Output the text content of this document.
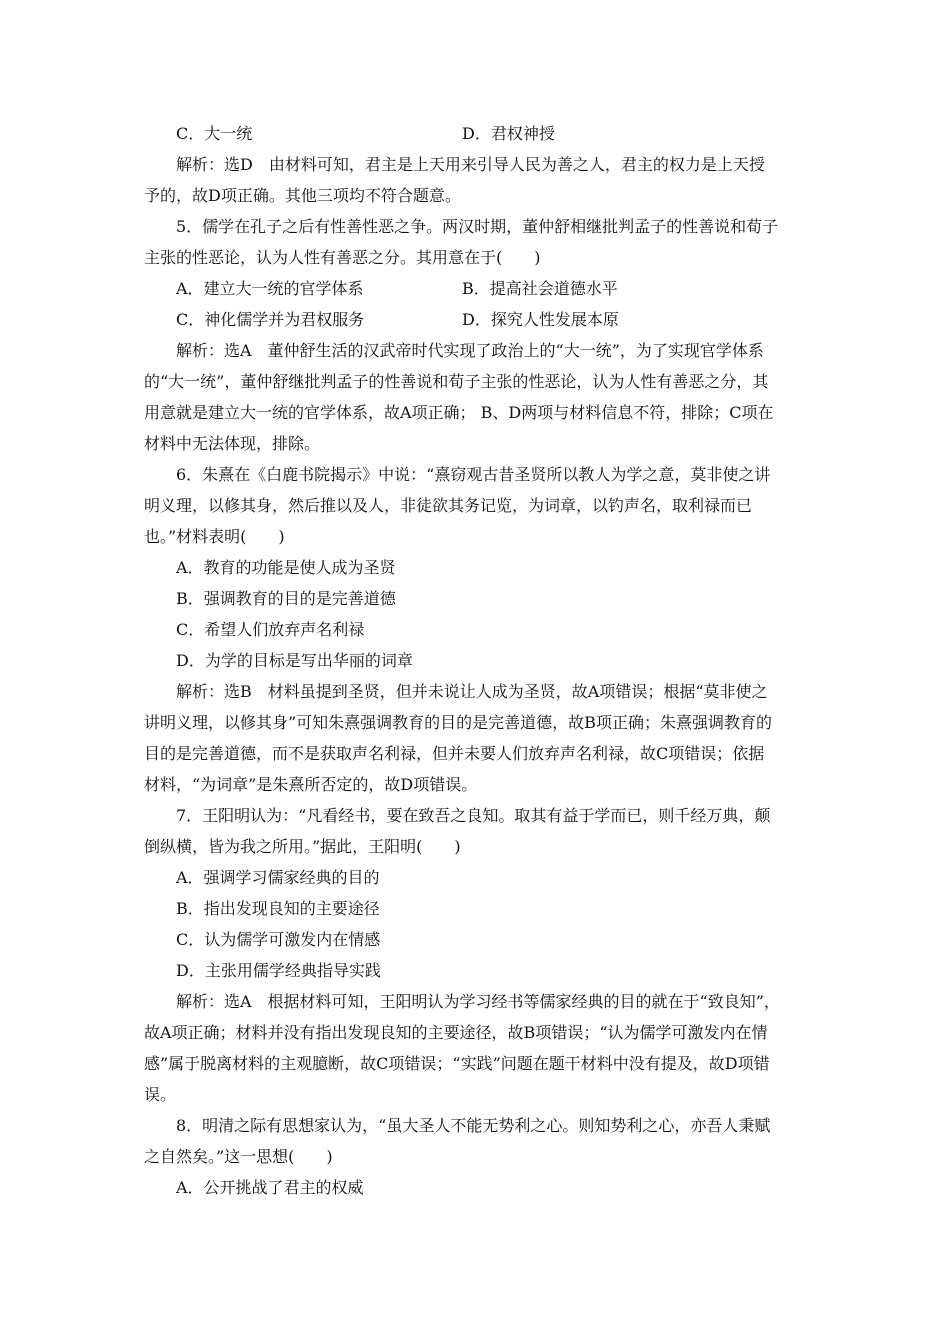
C．大一统	D．君权神授
解析：选D　由材料可知，君主是上天用来引导人民为善之人，君主的权力是上天授
予的，故D项正确。其他三项均不符合题意。
5．儒学在孔子之后有性善性恶之争。两汉时期，董仲舒相继批判孟子的性善说和荀子
主张的性恶论，认为人性有善恶之分。其用意在于(　　)
A．建立大一统的官学体系	B．提高社会道德水平
C．神化儒学并为君权服务	D．探究人性发展本原
解析：选A　董仲舒生活的汉武帝时代实现了政治上的“大一统”，为了实现官学体系
的“大一统”，董仲舒继批判孟子的性善说和荀子主张的性恶论，认为人性有善恶之分，其
用意就是建立大一统的官学体系，故A项正确； B、D两项与材料信息不符，排除；C项在
材料中无法体现，排除。
6．朱熹在《白鹿书院揭示》中说：“熹窃观古昔圣贤所以教人为学之意，莫非使之讲
明义理，以修其身，然后推以及人，非徒欲其务记览，为词章，以钓声名，取利禄而已
也。”材料表明(　　)
A．教育的功能是使人成为圣贤
B．强调教育的目的是完善道德
C．希望人们放弃声名利禄
D．为学的目标是写出华丽的词章
解析：选B　材料虽提到圣贤，但并未说让人成为圣贤，故A项错误；根据“莫非使之
讲明义理，以修其身”可知朱熹强调教育的目的是完善道德，故B项正确；朱熹强调教育的
目的是完善道德，而不是获取声名利禄，但并未要人们放弃声名利禄，故C项错误；依据
材料，“为词章”是朱熹所否定的，故D项错误。
7．王阳明认为：“凡看经书，要在致吾之良知。取其有益于学而已，则千经万典，颠
倒纵横，皆为我之所用。”据此，王阳明(　　)
A．强调学习儒家经典的目的
B．指出发现良知的主要途径
C．认为儒学可激发内在情感
D．主张用儒学经典指导实践
解析：选A　根据材料可知，王阳明认为学习经书等儒家经典的目的就在于“致良知”，
故A项正确；材料并没有指出发现良知的主要途径，故B项错误；“认为儒学可激发内在情
感”属于脱离材料的主观臆断，故C项错误；“实践”问题在题干材料中没有提及，故D项错
误。
8．明清之际有思想家认为，“虽大圣人不能无势利之心。则知势利之心，亦吾人秉赋
之自然矣。”这一思想(　　)
A．公开挑战了君主的权威
